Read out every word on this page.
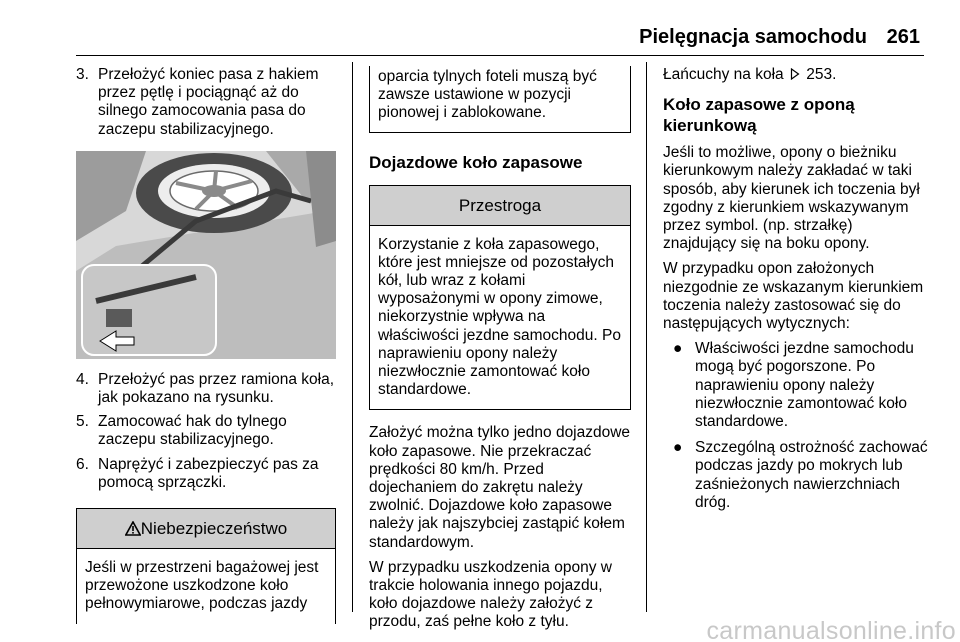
Pielęgnacja samochodu 261
3. Przełożyć koniec pasa z hakiem przez pętlę i pociągnąć aż do silnego zamocowania pasa do zaczepu stabilizacyjnego.
4. Przełożyć pas przez ramiona koła, jak pokazano na rysunku.
5. Zamocować hak do tylnego zaczepu stabilizacyjnego.
6. Naprężyć i zabezpieczyć pas za pomocą sprzączki.
Niebezpieczeństwo
Jeśli w przestrzeni bagażowej jest przewożone uszkodzone koło pełnowymiarowe, podczas jazdy
oparcia tylnych foteli muszą być zawsze ustawione w pozycji pionowej i zablokowane.
Dojazdowe koło zapasowe
Przestroga
Korzystanie z koła zapasowego, które jest mniejsze od pozostałych kół, lub wraz z kołami wyposażonymi w opony zimowe, niekorzystnie wpływa na właściwości jezdne samochodu. Po naprawieniu opony należy niezwłocznie zamontować koło standardowe.

Założyć można tylko jedno dojazdowe koło zapasowe. Nie przekraczać prędkości 80 km/h. Przed dojechaniem do zakrętu należy zwolnić. Dojazdowe koło zapasowe należy jak najszybciej zastąpić kołem standardowym.

W przypadku uszkodzenia opony w trakcie holowania innego pojazdu, koło dojazdowe należy założyć z przodu, zaś pełne koło z tyłu.

Łańcuchy na koła 253.

Koło zapasowe z oponą kierunkową

Jeśli to możliwe, opony o bieżniku kierunkowym należy zakładać w taki sposób, aby kierunek ich toczenia był zgodny z kierunkiem wskazywanym przez symbol. (np. strzałkę) znajdujący się na boku opony.

W przypadku opon założonych niezgodnie ze wskazanym kierunkiem toczenia należy zastosować się do następujących wytycznych:

● Właściwości jezdne samochodu mogą być pogorszone. Po naprawieniu opony należy niezwłocznie zamontować koło standardowe.
● Szczególną ostrożność zachować podczas jazdy po mokrych lub zaśnieżonych nawierzchniach dróg.
carmanualsonline.info
